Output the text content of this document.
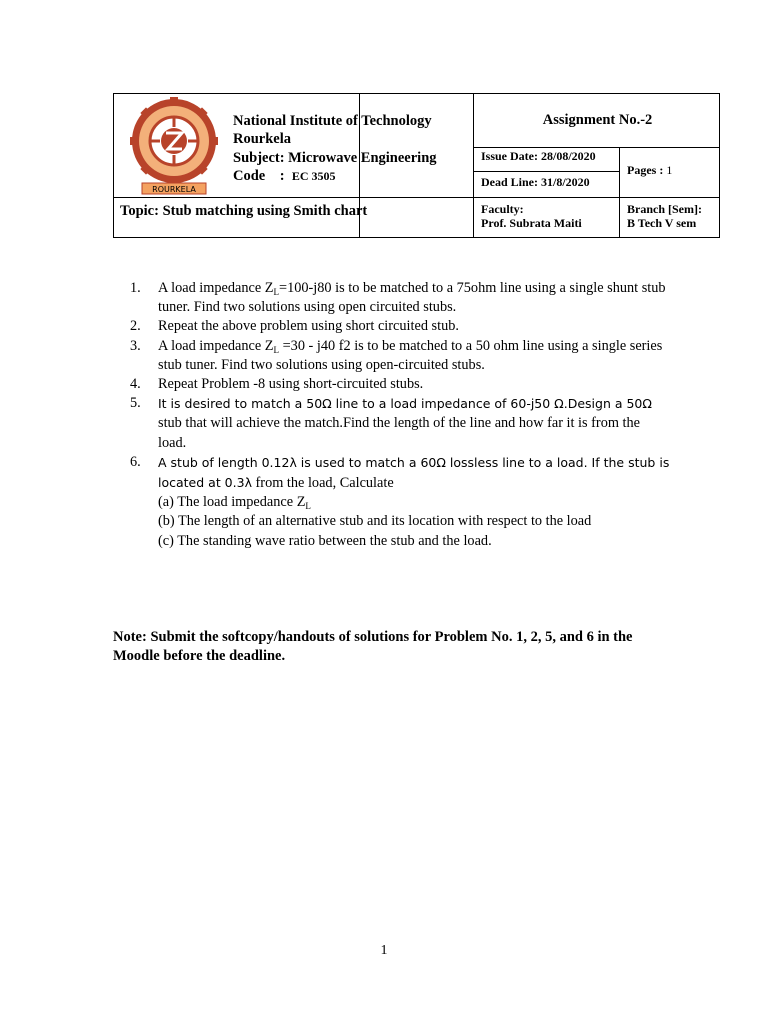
ROURKELA
National Institute of Technology
Rourkela
Subject: Microwave Engineering
Code : EC 3505
Assignment No.-2
Issue Date: 28/08/2020
Dead Line: 31/8/2020
Pages : 1
Topic: Stub matching using Smith chart	Faculty:
Prof. Subrata Maiti
Branch [Sem]:
B Tech V sem
1. A load impedance $Z_L=100-j80$ is to be matched to a 75ohm line using a single shunt stub tuner. Find two solutions using open circuited stubs.
2. Repeat the above problem using short circuited stub.
3. A load impedance $Z_L =30 - j40$ f2 is to be matched to a 50 ohm line using a single series stub tuner. Find two solutions using open-circuited stubs.
4. Repeat Problem -8 using short-circuited stubs.
5. It is desired to match a 50Ω line to a load impedance of 60-j50 Ω.Design a 50Ω stub that will achieve the match.Find the length of the line and how far it is from the load.
6. A stub of length 0.12λ is used to match a 60Ω lossless line to a load. If the stub is located at 0.3λ from the load, Calculate
(a) The load impedance $Z_L$
(b) The length of an alternative stub and its location with respect to the load
(c) The standing wave ratio between the stub and the load.
Note: Submit the softcopy/handouts of solutions for Problem No. 1, 2, 5, and 6 in the Moodle before the deadline.
1
